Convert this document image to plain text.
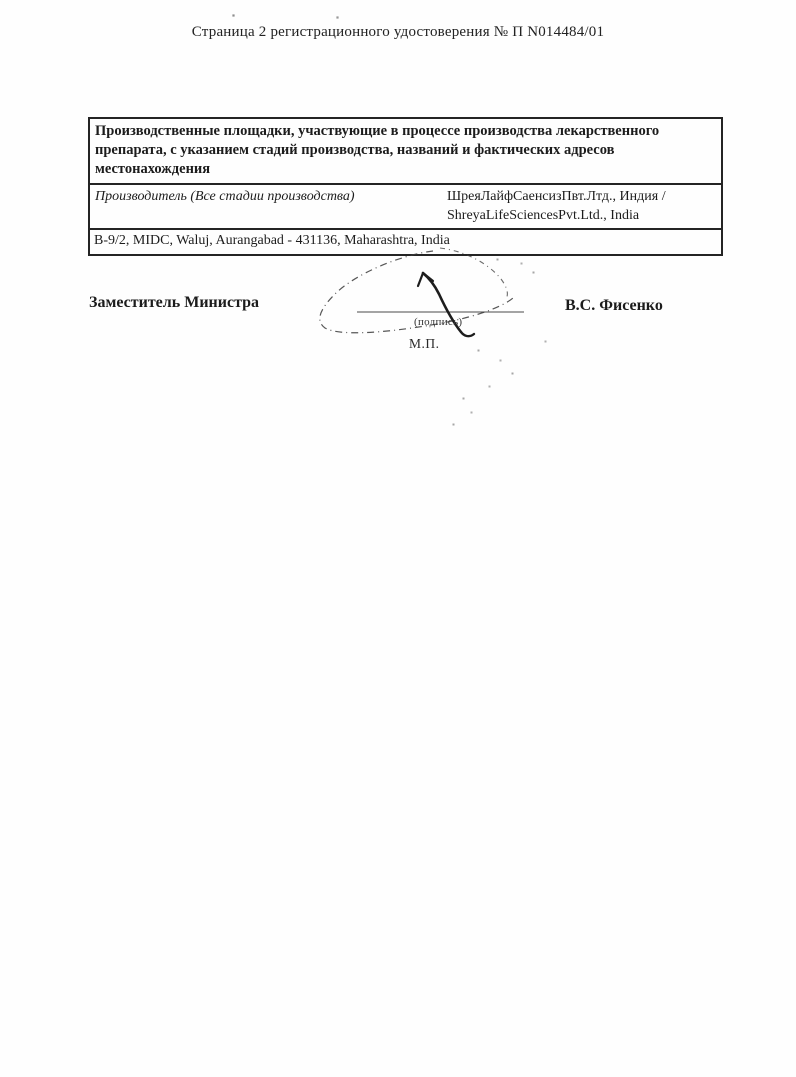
Страница 2 регистрационного удостоверения № П N014484/01
Производственные площадки, участвующие в процессе производства лекарственного препарата, с указанием стадий производства, названий и фактических адресов местонахождения
Производитель (Все стадии производства)	ШреяЛайфСаенсизПвт.Лтд., Индия / ShreyaLifeSciencesPvt.Ltd., India
B-9/2, MIDC, Waluj, Aurangabad - 431136, Maharashtra, India
Заместитель Министра
(подпись)
М.П.
В.С. Фисенко
